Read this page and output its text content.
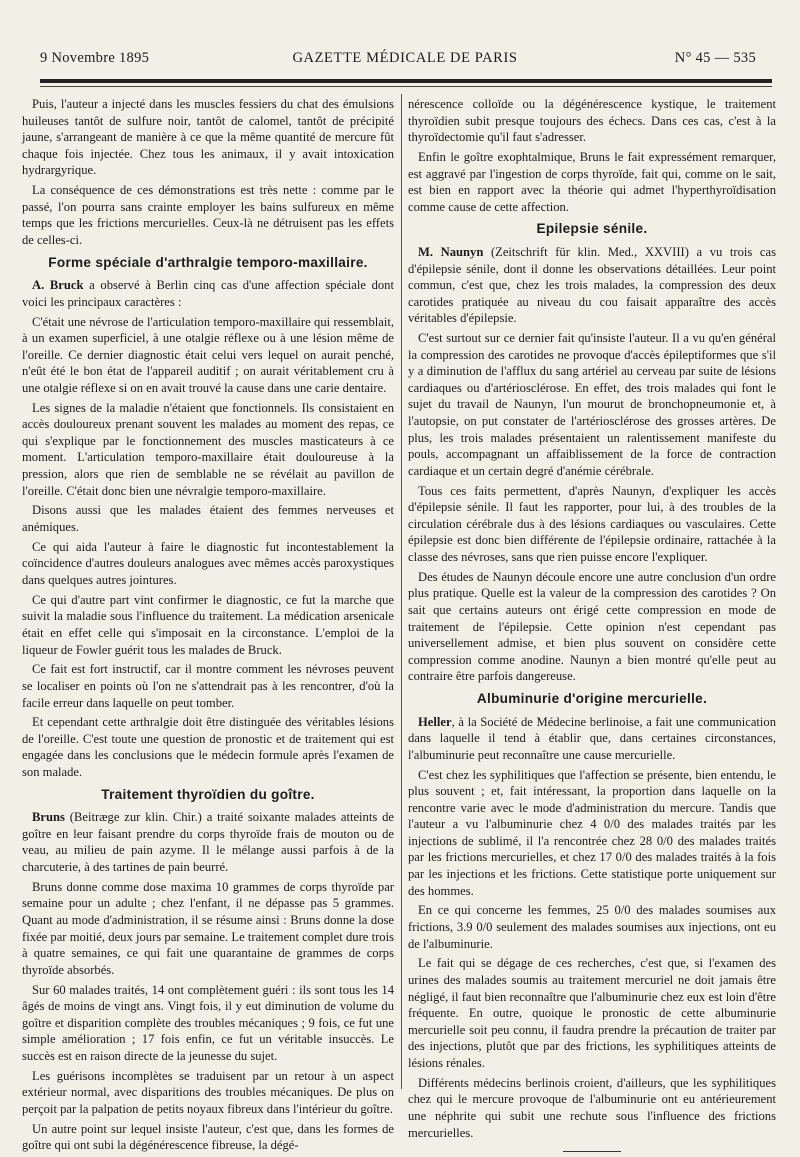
9 Novembre 1895	GAZETTE MÉDICALE DE PARIS	N° 45 — 535

Puis, l'auteur a injecté dans les muscles fessiers du chat des émulsions huileuses tantôt de sulfure noir, tantôt de calomel, tantôt de précipité jaune, s'arrangeant de manière à ce que la même quantité de mercure fût chaque fois injectée. Chez tous les animaux, il y avait intoxication hydrargyrique.

La conséquence de ces démonstrations est très nette : comme par le passé, l'on pourra sans crainte employer les bains sulfureux en même temps que les frictions mercurielles. Ceux-là ne détruisent pas les effets de celles-ci.

Forme spéciale d'arthralgie temporo-maxillaire.

A. Bruck a observé à Berlin cinq cas d'une affection spéciale dont voici les principaux caractères :

C'était une névrose de l'articulation temporo-maxillaire qui ressemblait, à un examen superficiel, à une otalgie réflexe ou à une lésion même de l'oreille. Ce dernier diagnostic était celui vers lequel on aurait penché, n'eût été le bon état de l'appareil auditif ; on aurait véritablement cru à une otalgie réflexe si on en avait trouvé la cause dans une carie dentaire.

Les signes de la maladie n'étaient que fonctionnels. Ils consistaient en accès douloureux prenant souvent les malades au moment des repas, ce qui s'explique par le fonctionnement des muscles masticateurs à ce moment. L'articulation temporo-maxillaire était douloureuse à la pression, alors que rien de semblable ne se révélait au pavillon de l'oreille. C'était donc bien une névralgie temporo-maxillaire.

Disons aussi que les malades étaient des femmes nerveuses et anémiques.

Ce qui aida l'auteur à faire le diagnostic fut incontestablement la coïncidence d'autres douleurs analogues avec mêmes accès paroxystiques dans quelques autres jointures.

Ce qui d'autre part vint confirmer le diagnostic, ce fut la marche que suivit la maladie sous l'influence du traitement. La médication arsenicale était en effet celle qui s'imposait en la circonstance. L'emploi de la liqueur de Fowler guérit tous les malades de Bruck.

Ce fait est fort instructif, car il montre comment les névroses peuvent se localiser en points où l'on ne s'attendrait pas à les rencontrer, d'où la facile erreur dans laquelle on peut tomber.

Et cependant cette arthralgie doit être distinguée des véritables lésions de l'oreille. C'est toute une question de pronostic et de traitement qui est engagée dans les conclusions que le médecin formule après l'examen de son malade.

Traitement thyroïdien du goître.

Bruns (Beitræge zur klin. Chir.) a traité soixante malades atteints de goître en leur faisant prendre du corps thyroïde frais de mouton ou de veau, au milieu de pain azyme. Il le mélange aussi parfois à de la charcuterie, à des tartines de pain beurré.

Bruns donne comme dose maxima 10 grammes de corps thyroïde par semaine pour un adulte ; chez l'enfant, il ne dépasse pas 5 grammes. Quant au mode d'administration, il se résume ainsi : Bruns donne la dose fixée par moitié, deux jours par semaine. Le traitement complet dure trois à quatre semaines, ce qui fait une quarantaine de grammes de corps thyroïde absorbés.

Sur 60 malades traités, 14 ont complètement guéri : ils sont tous les 14 âgés de moins de vingt ans. Vingt fois, il y eut diminution de volume du goître et disparition complète des troubles mécaniques ; 9 fois, ce fut une simple amélioration ; 17 fois enfin, ce fut un véritable insuccès. Le succès est en raison directe de la jeunesse du sujet.

Les guérisons incomplètes se traduisent par un retour à un aspect extérieur normal, avec disparitions des troubles mécaniques. De plus on perçoit par la palpation de petits noyaux fibreux dans l'intérieur du goître.

Un autre point sur lequel insiste l'auteur, c'est que, dans les formes de goître qui ont subi la dégénérescence fibreuse, la dégé-

nérescence colloïde ou la dégénérescence kystique, le traitement thyroïdien subit presque toujours des échecs. Dans ces cas, c'est à la thyroïdectomie qu'il faut s'adresser.

Enfin le goître exophtalmique, Bruns le fait expressément remarquer, est aggravé par l'ingestion de corps thyroïde, fait qui, comme on le sait, est bien en rapport avec la théorie qui admet l'hyperthyroïdisation comme cause de cette affection.

Epilepsie sénile.

M. Naunyn (Zeitschrift für klin. Med., XXVIII) a vu trois cas d'épilepsie sénile, dont il donne les observations détaillées. Leur point commun, c'est que, chez les trois malades, la compression des deux carotides pratiquée au niveau du cou faisait apparaître des accès véritables d'épilepsie.

C'est surtout sur ce dernier fait qu'insiste l'auteur. Il a vu qu'en général la compression des carotides ne provoque d'accès épileptiformes que s'il y a diminution de l'afflux du sang artériel au cerveau par suite de lésions cardiaques ou d'artériosclérose. En effet, des trois malades qui font le sujet du travail de Naunyn, l'un mourut de bronchopneumonie et, à l'autopsie, on put constater de l'artériosclérose des grosses artères. De plus, les trois malades présentaient un ralentissement manifeste du pouls, accompagnant un affaiblissement de la force de contraction cardiaque et un certain degré d'anémie cérébrale.

Tous ces faits permettent, d'après Naunyn, d'expliquer les accès d'épilepsie sénile. Il faut les rapporter, pour lui, à des troubles de la circulation cérébrale dus à des lésions cardiaques ou vasculaires. Cette épilepsie est donc bien différente de l'épilepsie ordinaire, rattachée à la classe des névroses, sans que rien puisse encore l'expliquer.

Des études de Naunyn découle encore une autre conclusion d'un ordre plus pratique. Quelle est la valeur de la compression des carotides ? On sait que certains auteurs ont érigé cette compression en mode de traitement de l'épilepsie. Cette opinion n'est cependant pas universellement admise, et bien plus souvent on considère cette compression comme anodine. Naunyn a bien montré qu'elle peut au contraire être parfois dangereuse.

Albuminurie d'origine mercurielle.

Heller, à la Société de Médecine berlinoise, a fait une communication dans laquelle il tend à établir que, dans certaines circonstances, l'albuminurie peut reconnaître une cause mercurielle.

C'est chez les syphilitiques que l'affection se présente, bien entendu, le plus souvent ; et, fait intéressant, la proportion dans laquelle on la rencontre varie avec le mode d'administration du mercure. Tandis que l'auteur a vu l'albuminurie chez 4 0/0 des malades traités par les injections de sublimé, il l'a rencontrée chez 28 0/0 des malades traités par les frictions mercurielles, et chez 17 0/0 des malades traités à la fois par les injections et les frictions. Cette statistique porte uniquement sur des hommes.

En ce qui concerne les femmes, 25 0/0 des malades soumises aux frictions, 3.9 0/0 seulement des malades soumises aux injections, ont eu de l'albuminurie.

Le fait qui se dégage de ces recherches, c'est que, si l'examen des urines des malades soumis au traitement mercuriel ne doit jamais être négligé, il faut bien reconnaître que l'albuminurie chez eux est loin d'être fréquente. En outre, quoique le pronostic de cette albuminurie mercurielle soit peu connu, il faudra prendre la précaution de traiter par des injections, plutôt que par des frictions, les syphilitiques atteints de lésions rénales.

Différents médecins berlinois croient, d'ailleurs, que les syphilitiques chez qui le mercure provoque de l'albuminurie ont eu antérieurement une néphrite qui subit une rechute sous l'influence des frictions mercurielles.
